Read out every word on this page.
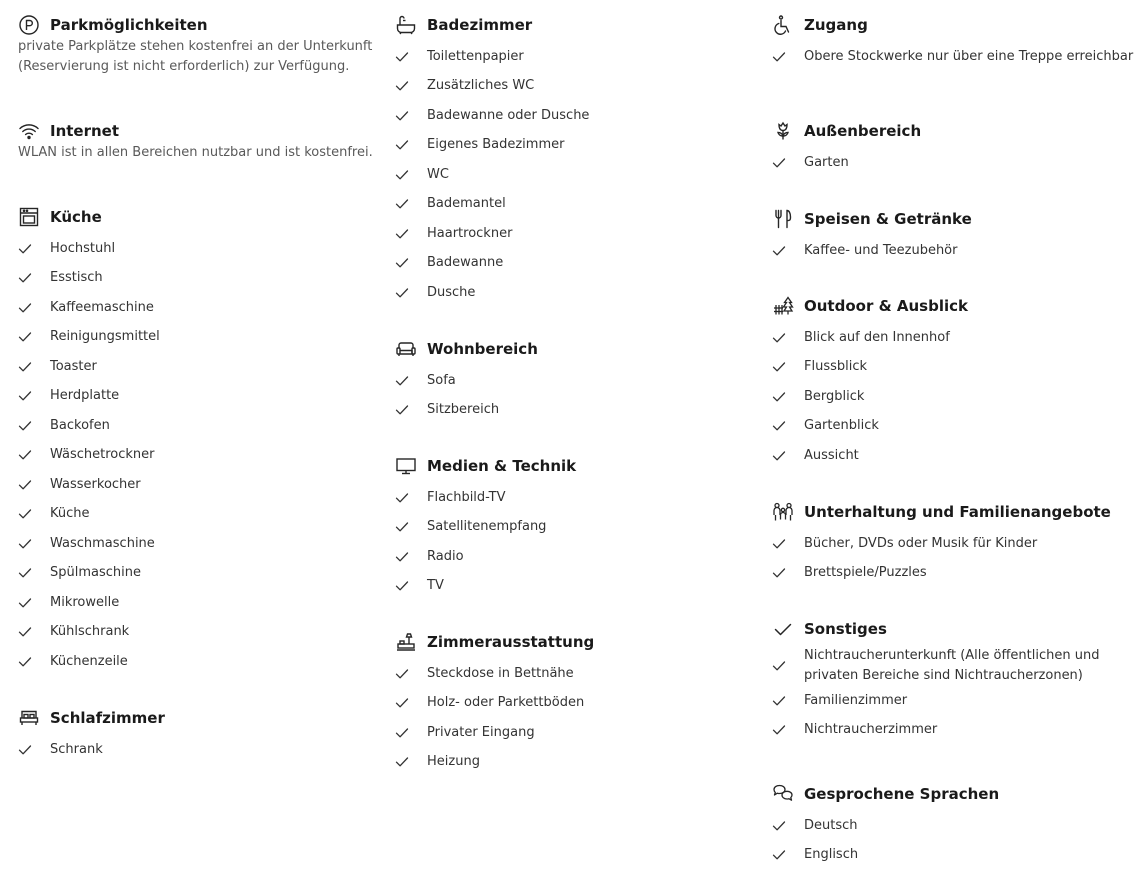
Parkmöglichkeiten
private Parkplätze stehen kostenfrei an der Unterkunft (Reservierung ist nicht erforderlich) zur Verfügung.
Internet
WLAN ist in allen Bereichen nutzbar und ist kostenfrei.
Küche
Hochstuhl
Esstisch
Kaffeemaschine
Reinigungsmittel
Toaster
Herdplatte
Backofen
Wäschetrockner
Wasserkocher
Küche
Waschmaschine
Spülmaschine
Mikrowelle
Kühlschrank
Küchenzeile
Schlafzimmer
Schrank
Badezimmer
Toilettenpapier
Zusätzliches WC
Badewanne oder Dusche
Eigenes Badezimmer
WC
Bademantel
Haartrockner
Badewanne
Dusche
Wohnbereich
Sofa
Sitzbereich
Medien & Technik
Flachbild-TV
Satellitenempfang
Radio
TV
Zimmerausstattung
Steckdose in Bettnähe
Holz- oder Parkettböden
Privater Eingang
Heizung
Zugang
Obere Stockwerke nur über eine Treppe erreichbar
Außenbereich
Garten
Speisen & Getränke
Kaffee- und Teezubehör
Outdoor & Ausblick
Blick auf den Innenhof
Flussblick
Bergblick
Gartenblick
Aussicht
Unterhaltung und Familienangebote
Bücher, DVDs oder Musik für Kinder
Brettspiele/Puzzles
Sonstiges
Nichtraucherunterkunft (Alle öffentlichen und privaten Bereiche sind Nichtraucherzonen)
Familienzimmer
Nichtraucherzimmer
Gesprochene Sprachen
Deutsch
Englisch
